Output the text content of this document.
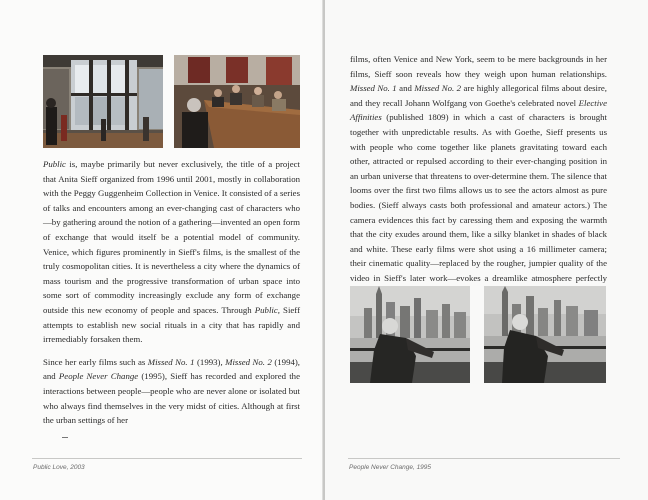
Public is, maybe primarily but never exclusively, the title of a project that Anita Sieff organized from 1996 until 2001, mostly in collaboration with the Peggy Guggenheim Collection in Venice. It consisted of a series of talks and encounters among an ever-changing cast of characters who—by gathering around the notion of a gathering—invented an open form of exchange that would itself be a potential model of community. Venice, which figures prominently in Sieff's films, is the smallest of the truly cosmopolitan cities. It is nevertheless a city where the dynamics of mass tourism and the progressive transformation of urban space into some sort of commodity increasingly exclude any form of exchange outside this new economy of people and spaces. Through Public, Sieff attempts to establish new social rituals in a city that has rapidly and irremediably forsaken them.

Since her early films such as Missed No. 1 (1993), Missed No. 2 (1994), and People Never Change (1995), Sieff has recorded and explored the interactions between people—people who are never alone or isolated but who always find themselves in the very midst of cities. Although at first the urban settings of her

Public Love, 2003

films, often Venice and New York, seem to be mere backgrounds in her films, Sieff soon reveals how they weigh upon human relationships. Missed No. 1 and Missed No. 2 are highly allegorical films about desire, and they recall Johann Wolfgang von Goethe's celebrated novel Elective Affinities (published 1809) in which a cast of characters is brought together with unpredictable results. As with Goethe, Sieff presents us with people who come together like planets gravitating toward each other, attracted or repulsed according to their ever-changing position in an urban universe that threatens to over-determine them. The silence that looms over the first two films allows us to see the actors almost as pure bodies. (Sieff always casts both professional and amateur actors.) The camera evidences this fact by caressing them and exposing the warmth that the city exudes around them, like a silky blanket in shades of black and white. These early films were shot using a 16 millimeter camera; their cinematic quality—replaced by the rougher, jumpier quality of the video in Sieff's later work—evokes a dreamlike atmosphere perfectly

People Never Change, 1995
